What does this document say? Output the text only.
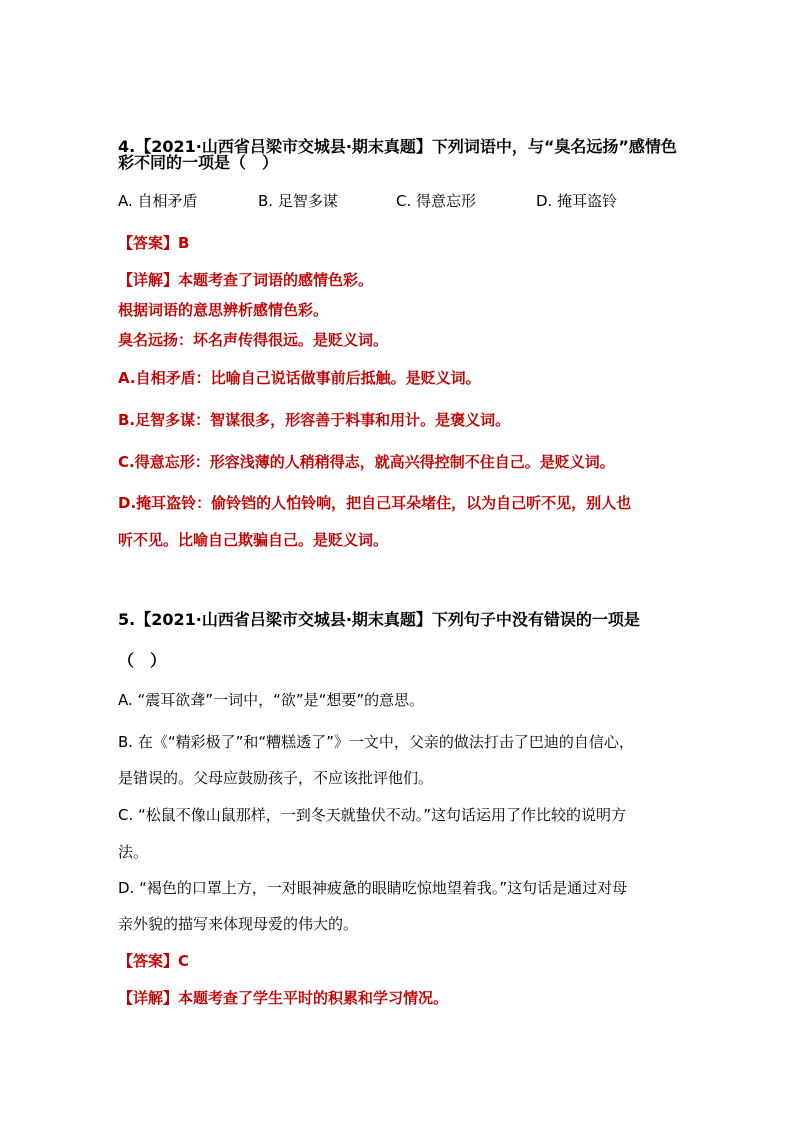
4.【2021·山西省吕梁市交城县·期末真题】下列词语中，与“臭名远扬”感情色
彩不同的一项是（　）
A. 自相矛盾	B. 足智多谋	C. 得意忘形	D. 掩耳盗铃
【答案】B
【详解】本题考查了词语的感情色彩。
根据词语的意思辨析感情色彩。
臭名远扬：坏名声传得很远。是贬义词。
A.自相矛盾：比喻自己说话做事前后抵触。是贬义词。
B.足智多谋：智谋很多，形容善于料事和用计。是褒义词。
C.得意忘形：形容浅薄的人稍稍得志，就高兴得控制不住自己。是贬义词。
D.掩耳盗铃：偷铃铛的人怕铃响，把自己耳朵堵住，以为自己听不见，别人也
听不见。比喻自己欺骗自己。是贬义词。
5.【2021·山西省吕梁市交城县·期末真题】下列句子中没有错误的一项是
（　）
A. “震耳欲聋”一词中，“欲”是“想要”的意思。
B. 在《“精彩极了”和“糟糕透了”》一文中，父亲的做法打击了巴迪的自信心，
是错误的。父母应鼓励孩子，不应该批评他们。
C. “松鼠不像山鼠那样，一到冬天就蛰伏不动。”这句话运用了作比较的说明方
法。
D. “褐色的口罩上方，一对眼神疲惫的眼睛吃惊地望着我。”这句话是通过对母
亲外貌的描写来体现母爱的伟大的。
【答案】C
【详解】本题考查了学生平时的积累和学习情况。
